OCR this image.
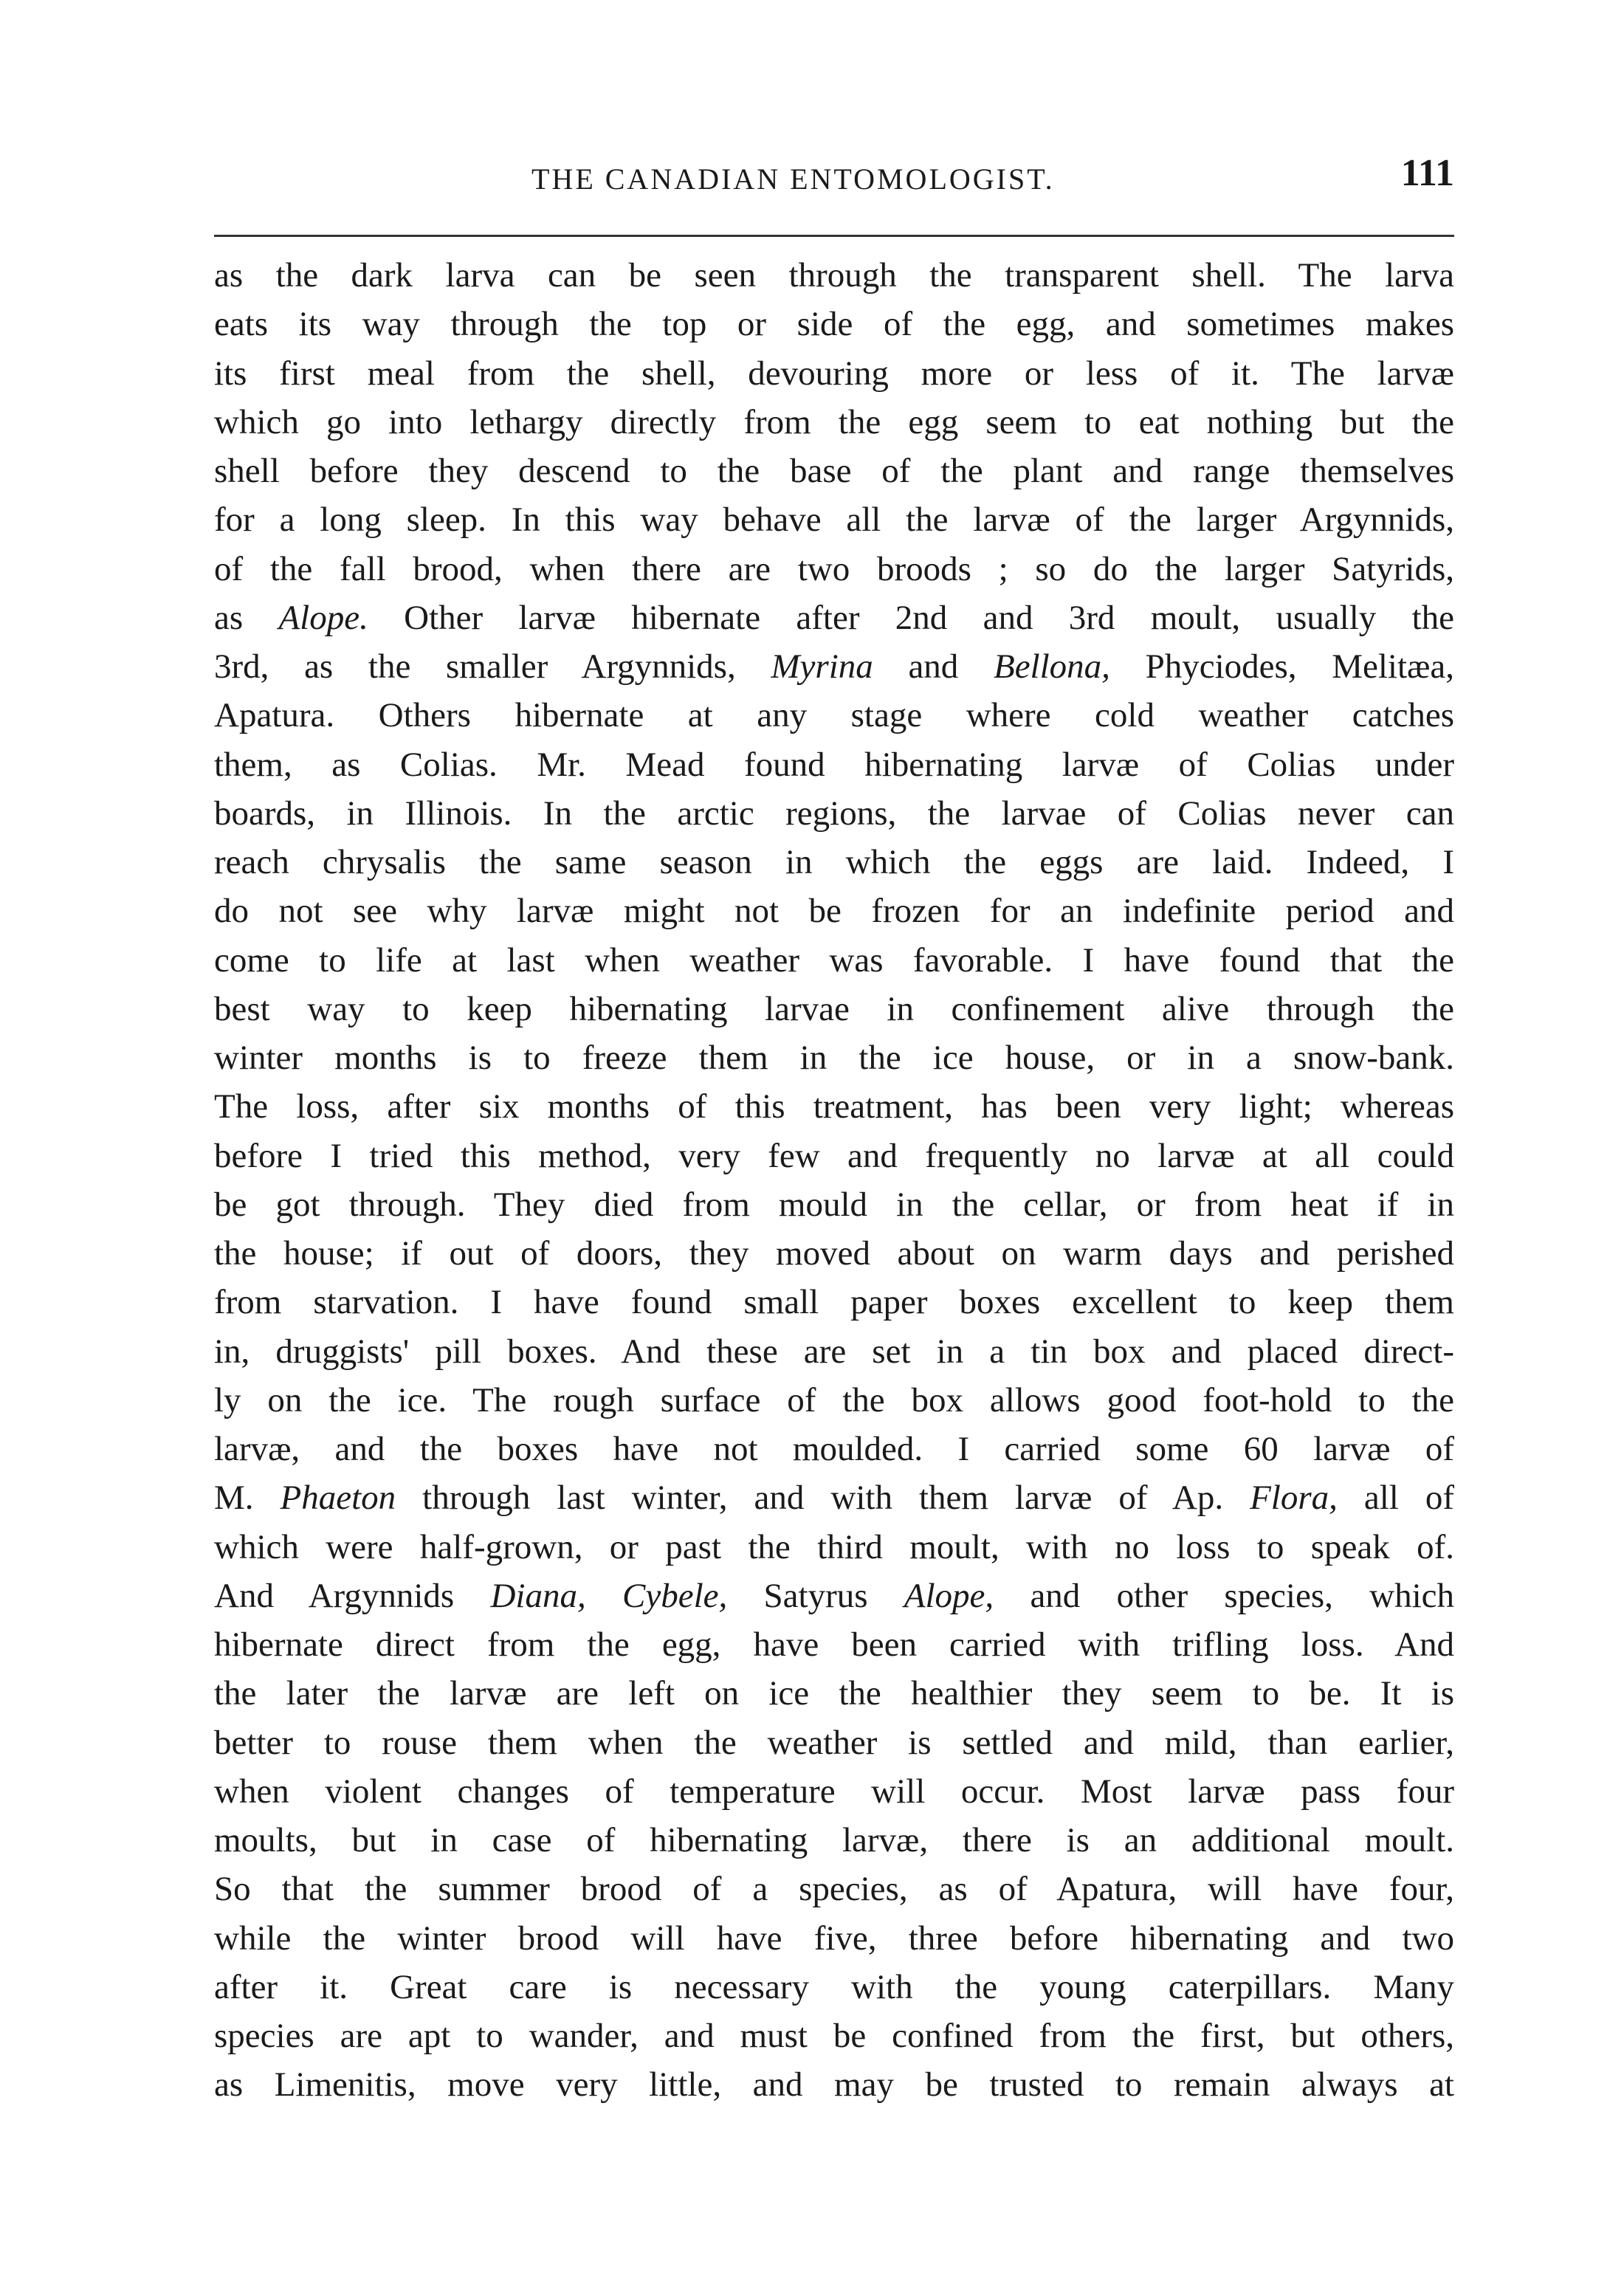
THE CANADIAN ENTOMOLOGIST.	111
as the dark larva can be seen through the transparent shell. The larva
eats its way through the top or side of the egg, and sometimes makes
its first meal from the shell, devouring more or less of it. The larvæ
which go into lethargy directly from the egg seem to eat nothing but the
shell before they descend to the base of the plant and range themselves
for a long sleep. In this way behave all the larvæ of the larger Argynnids,
of the fall brood, when there are two broods ; so do the larger Satyrids,
as Alope. Other larvæ hibernate after 2nd and 3rd moult, usually the
3rd, as the smaller Argynnids, Myrina and Bellona, Phyciodes, Melitæa,
Apatura. Others hibernate at any stage where cold weather catches
them, as Colias. Mr. Mead found hibernating larvæ of Colias under
boards, in Illinois. In the arctic regions, the larvae of Colias never can
reach chrysalis the same season in which the eggs are laid. Indeed, I
do not see why larvæ might not be frozen for an indefinite period and
come to life at last when weather was favorable. I have found that the
best way to keep hibernating larvae in confinement alive through the
winter months is to freeze them in the ice house, or in a snow-bank.
The loss, after six months of this treatment, has been very light; whereas
before I tried this method, very few and frequently no larvæ at all could
be got through. They died from mould in the cellar, or from heat if in
the house; if out of doors, they moved about on warm days and perished
from starvation. I have found small paper boxes excellent to keep them
in, druggists' pill boxes. And these are set in a tin box and placed direct-
ly on the ice. The rough surface of the box allows good foot-hold to the
larvæ, and the boxes have not moulded. I carried some 60 larvæ of
M. Phaeton through last winter, and with them larvæ of Ap. Flora, all of
which were half-grown, or past the third moult, with no loss to speak of.
And Argynnids Diana, Cybele, Satyrus Alope, and other species, which
hibernate direct from the egg, have been carried with trifling loss. And
the later the larvæ are left on ice the healthier they seem to be. It is
better to rouse them when the weather is settled and mild, than earlier,
when violent changes of temperature will occur. Most larvæ pass four
moults, but in case of hibernating larvæ, there is an additional moult.
So that the summer brood of a species, as of Apatura, will have four,
while the winter brood will have five, three before hibernating and two
after it. Great care is necessary with the young caterpillars. Many
species are apt to wander, and must be confined from the first, but others,
as Limenitis, move very little, and may be trusted to remain always at
